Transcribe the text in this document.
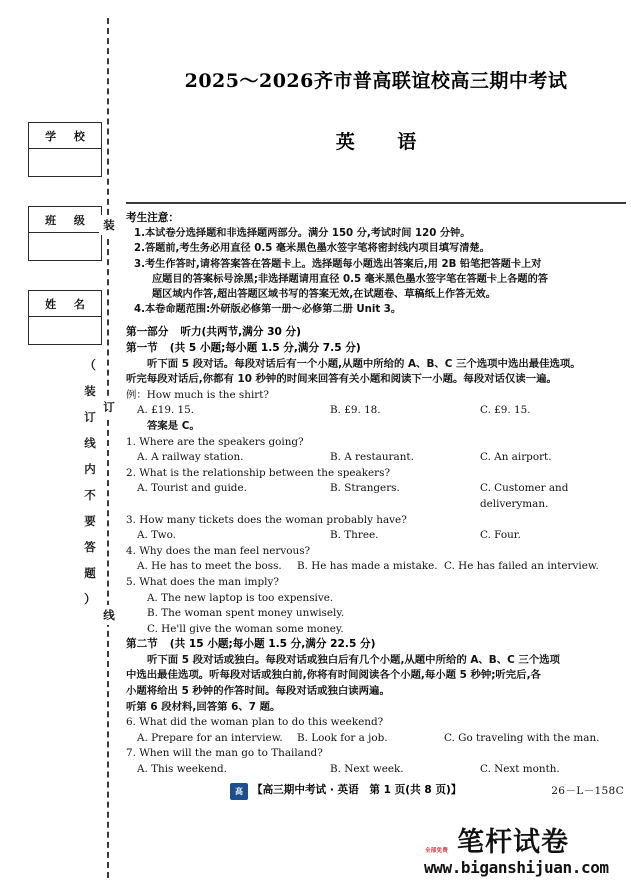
学 校
班 级
姓 名
（
装
订
线
内
不
要
答
题
）
装
订
线
2025～2026齐市普高联谊校高三期中考试
英 语
考生注意：
1.本试卷分选择题和非选择题两部分。满分 150 分,考试时间 120 分钟。
2.答题前,考生务必用直径 0.5 毫米黑色墨水签字笔将密封线内项目填写清楚。
3.考生作答时,请将答案答在答题卡上。选择题每小题选出答案后,用 2B 铅笔把答题卡上对
应题目的答案标号涂黑;非选择题请用直径 0.5 毫米黑色墨水签字笔在答题卡上各题的答
题区域内作答,超出答题区域书写的答案无效,在试题卷、草稿纸上作答无效。
4.本卷命题范围:外研版必修第一册～必修第二册 Unit 3。
第一部分 听力(共两节,满分 30 分)
第一节 (共 5 小题;每小题 1.5 分,满分 7.5 分)
听下面 5 段对话。每段对话后有一个小题,从题中所给的 A、B、C 三个选项中选出最佳选项。
听完每段对话后,你都有 10 秒钟的时间来回答有关小题和阅读下一小题。每段对话仅读一遍。
例：How much is the shirt?
A. £19. 15.	B. £9. 18.	C. £9. 15.
答案是 C。
1. Where are the speakers going?
A. A railway station.	B. A restaurant.	C. An airport.
2. What is the relationship between the speakers?
A. Tourist and guide.	B. Strangers.	C. Customer and deliveryman.
3. How many tickets does the woman probably have?
A. Two.	B. Three.	C. Four.
4. Why does the man feel nervous?
A. He has to meet the boss.	B. He has made a mistake. C. He has failed an interview.
5. What does the man imply?
A. The new laptop is too expensive.
B. The woman spent money unwisely.
C. He'll give the woman some money.
第二节 (共 15 小题;每小题 1.5 分,满分 22.5 分)
听下面 5 段对话或独白。每段对话或独白后有几个小题,从题中所给的 A、B、C 三个选项
中选出最佳选项。听每段对话或独白前,你将有时间阅读各个小题,每小题 5 秒钟;听完后,各
小题将给出 5 秒钟的作答时间。每段对话或独白读两遍。
听第 6 段材料,回答第 6、7 题。
6. What did the woman plan to do this weekend?
A. Prepare for an interview.	B. Look for a job.	C. Go traveling with the man.
7. When will the man go to Thailand?
A. This weekend.	B. Next week.	C. Next month.
高 【高三期中考试 · 英语　第 1 页(共 8 页)】	26－L－158C
全部免费 笔杆试卷
www.biganshijuan.com
